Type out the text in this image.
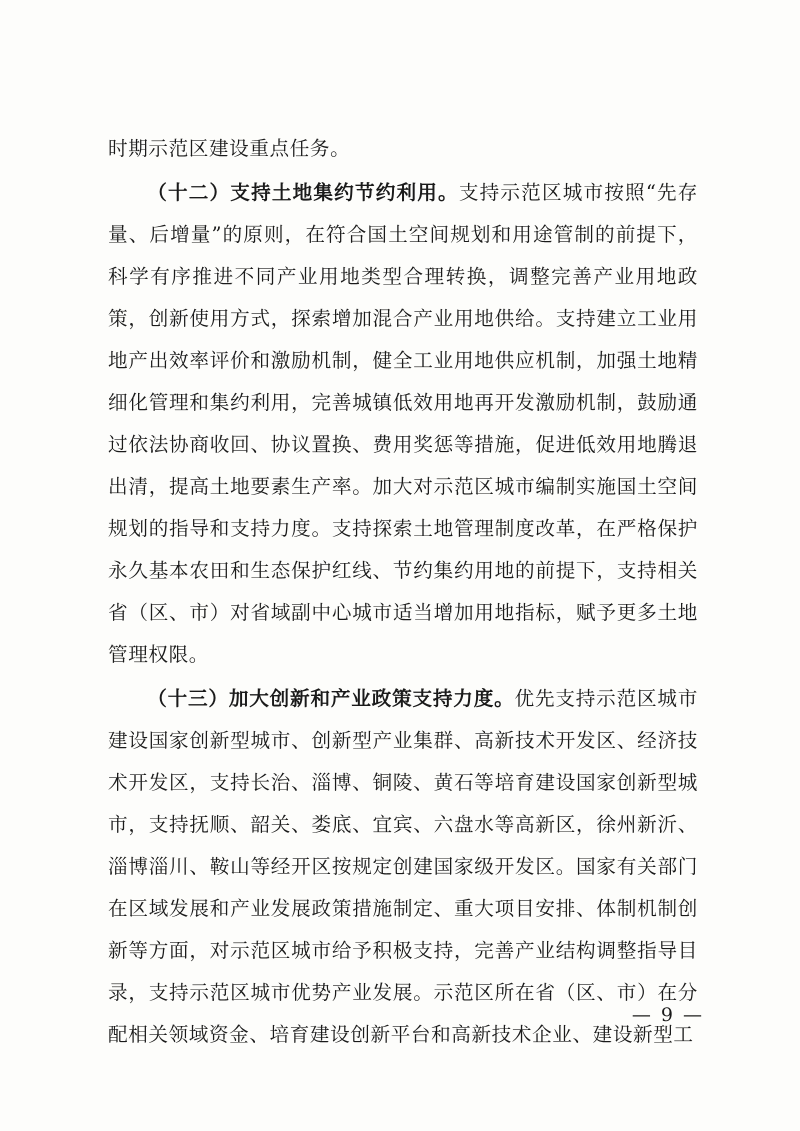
时期示范区建设重点任务。

（十二）支持土地集约节约利用。支持示范区城市按照“先存量、后增量”的原则，在符合国土空间规划和用途管制的前提下，科学有序推进不同产业用地类型合理转换，调整完善产业用地政策，创新使用方式，探索增加混合产业用地供给。支持建立工业用地产出效率评价和激励机制，健全工业用地供应机制，加强土地精细化管理和集约利用，完善城镇低效用地再开发激励机制，鼓励通过依法协商收回、协议置换、费用奖惩等措施，促进低效用地腾退出清，提高土地要素生产率。加大对示范区城市编制实施国土空间规划的指导和支持力度。支持探索土地管理制度改革，在严格保护永久基本农田和生态保护红线、节约集约用地的前提下，支持相关省（区、市）对省域副中心城市适当增加用地指标，赋予更多土地管理权限。

（十三）加大创新和产业政策支持力度。优先支持示范区城市建设国家创新型城市、创新型产业集群、高新技术开发区、经济技术开发区，支持长治、淄博、铜陵、黄石等培育建设国家创新型城市，支持抚顺、韶关、娄底、宜宾、六盘水等高新区，徐州新沂、淄博淄川、鞍山等经开区按规定创建国家级开发区。国家有关部门在区域发展和产业发展政策措施制定、重大项目安排、体制机制创新等方面，对示范区城市给予积极支持，完善产业结构调整指导目录，支持示范区城市优势产业发展。示范区所在省（区、市）在分配相关领域资金、培育建设创新平台和高新技术企业、建设新型工

— 9 —
